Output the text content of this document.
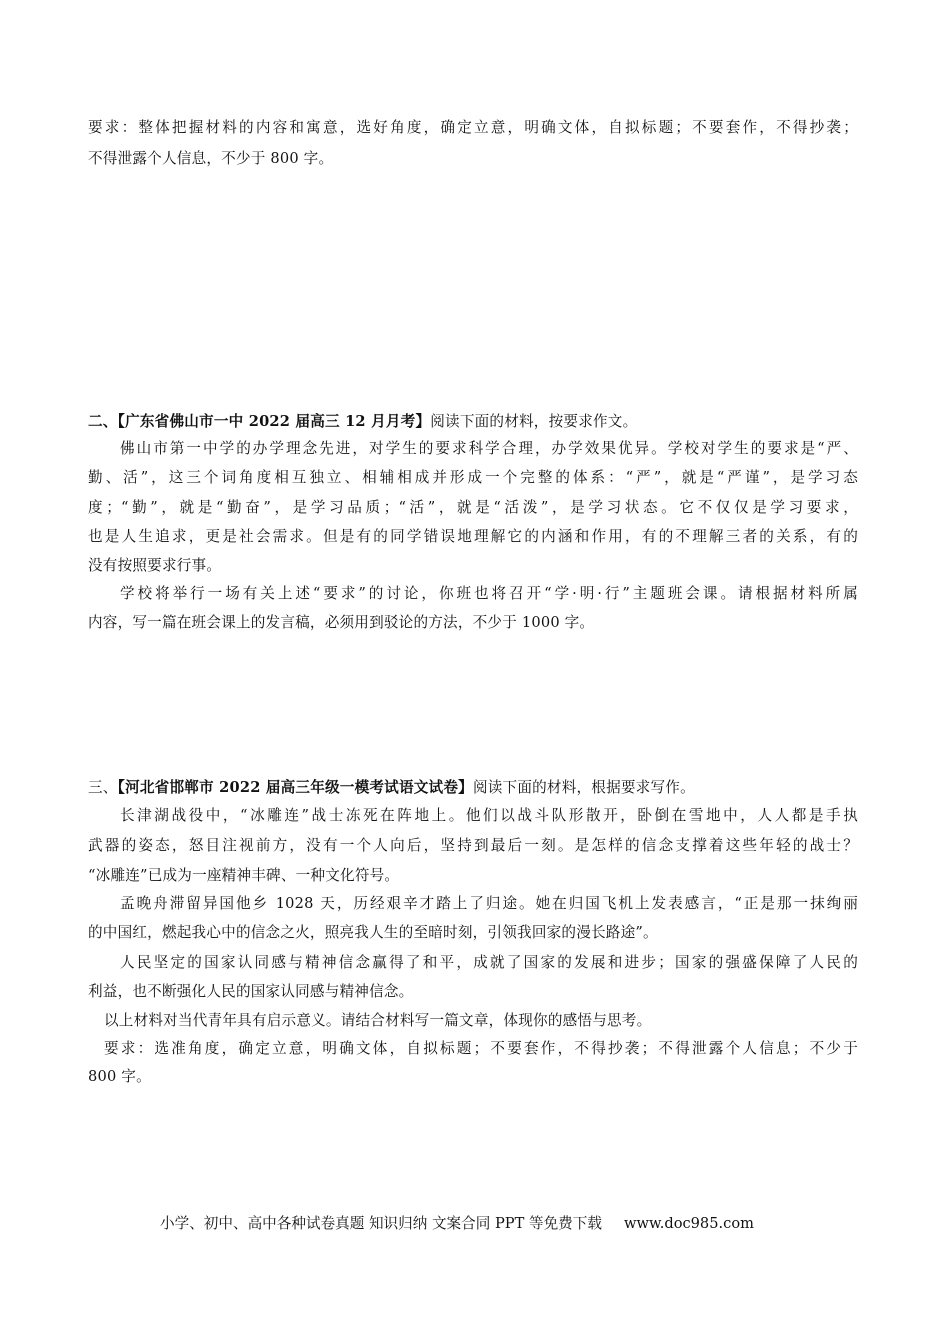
要求：整体把握材料的内容和寓意，选好角度，确定立意，明确文体，自拟标题；不要套作，不得抄袭；
不得泄露个人信息，不少于 800 字。
二、【广东省佛山市一中 2022 届高三 12 月月考】阅读下面的材料，按要求作文。
佛山市第一中学的办学理念先进，对学生的要求科学合理，办学效果优异。学校对学生的要求是“严、
勤、活”，这三个词角度相互独立、相辅相成并形成一个完整的体系：“严”，就是“严谨”，是学习态
度；“勤”，就是“勤奋”，是学习品质；“活”，就是“活泼”，是学习状态。它不仅仅是学习要求，
也是人生追求，更是社会需求。但是有的同学错误地理解它的内涵和作用，有的不理解三者的关系，有的
没有按照要求行事。
学校将举行一场有关上述“要求”的讨论，你班也将召开“学·明·行”主题班会课。请根据材料所属
内容，写一篇在班会课上的发言稿，必须用到驳论的方法，不少于 1000 字。
三、【河北省邯郸市 2022 届高三年级一模考试语文试卷】阅读下面的材料，根据要求写作。
长津湖战役中，“冰雕连”战士冻死在阵地上。他们以战斗队形散开，卧倒在雪地中，人人都是手执
武器的姿态，怒目注视前方，没有一个人向后，坚持到最后一刻。是怎样的信念支撑着这些年轻的战士？
“冰雕连”已成为一座精神丰碑、一种文化符号。
孟晚舟滞留异国他乡 1028 天，历经艰辛才踏上了归途。她在归国飞机上发表感言，“正是那一抹绚丽
的中国红，燃起我心中的信念之火，照亮我人生的至暗时刻，引领我回家的漫长路途”。
人民坚定的国家认同感与精神信念赢得了和平，成就了国家的发展和进步；国家的强盛保障了人民的
利益，也不断强化人民的国家认同感与精神信念。
以上材料对当代青年具有启示意义。请结合材料写一篇文章，体现你的感悟与思考。
要求：选准角度，确定立意，明确文体，自拟标题；不要套作，不得抄袭；不得泄露个人信息；不少于
800 字。
小学、初中、高中各种试卷真题 知识归纳 文案合同 PPT 等免费下载 www.doc985.com
